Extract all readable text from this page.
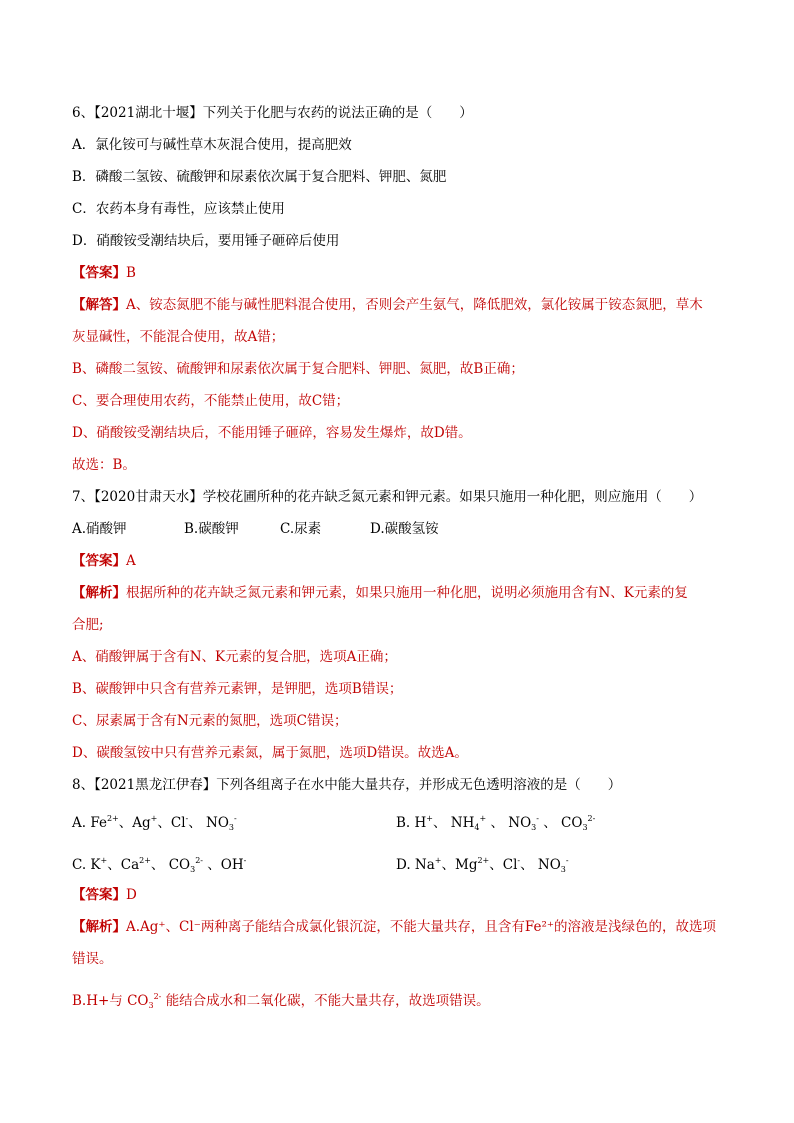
6、【2021湖北十堰】下列关于化肥与农药的说法正确的是（　　）
A．氯化铵可与碱性草木灰混合使用，提高肥效
B．磷酸二氢铵、硫酸钾和尿素依次属于复合肥料、钾肥、氮肥
C．农药本身有毒性，应该禁止使用
D．硝酸铵受潮结块后，要用锤子砸碎后使用
【答案】B
【解答】A、铵态氮肥不能与碱性肥料混合使用，否则会产生氨气，降低肥效，氯化铵属于铵态氮肥，草木
灰显碱性，不能混合使用，故A错；
B、磷酸二氢铵、硫酸钾和尿素依次属于复合肥料、钾肥、氮肥，故B正确；
C、要合理使用农药，不能禁止使用，故C错；
D、硝酸铵受潮结块后，不能用锤子砸碎，容易发生爆炸，故D错。
故选：B。
7、【2020甘肃天水】学校花圃所种的花卉缺乏氮元素和钾元素。如果只施用一种化肥，则应施用（　　）
A.硝酸钾	B.碳酸钾	C.尿素	D.碳酸氢铵
【答案】A
【解析】根据所种的花卉缺乏氮元素和钾元素，如果只施用一种化肥，说明必须施用含有N、K元素的复
合肥;
A、硝酸钾属于含有N、K元素的复合肥，选项A正确；
B、碳酸钾中只含有营养元素钾，是钾肥，选项B错误；
C、尿素属于含有N元素的氮肥，选项C错误；
D、碳酸氢铵中只有营养元素氮，属于氮肥，选项D错误。故选A。
8、【2021黑龙江伊春】下列各组离子在水中能大量共存，并形成无色透明溶液的是（　　）
A. $Fe^{2+}$、Ag+、Cl-、 $NO_3^-$	B. H+、 $NH_4^+$ 、 $NO_3^-$ 、 $CO_3^{2-}$
C. K+、$Ca^{2+}$、 $CO_3^{2-}$ 、OH-	D. Na+、$Mg^{2+}$、Cl-、 $NO_3^-$
【答案】D
【解析】A.Ag⁺、Cl⁻两种离子能结合成氯化银沉淀，不能大量共存，且含有Fe²⁺的溶液是浅绿色的，故选项
错误。
B.H+与 $CO_3^{2-}$ 能结合成水和二氧化碳，不能大量共存，故选项错误。
